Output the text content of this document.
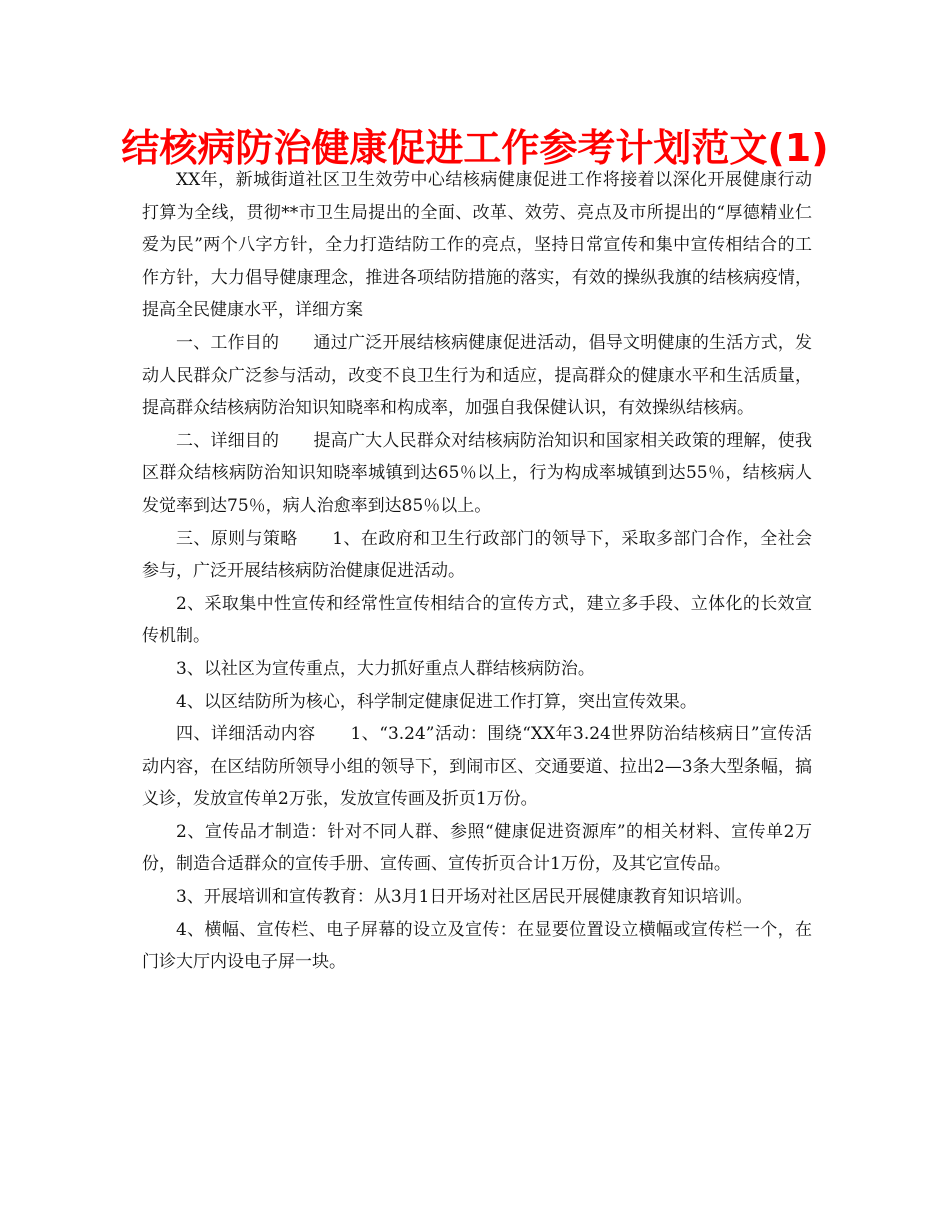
结核病防治健康促进工作参考计划范文(1)

XX年，新城街道社区卫生效劳中心结核病健康促进工作将接着以深化开展健康行动打算为全线，贯彻**市卫生局提出的全面、改革、效劳、亮点及市所提出的“厚德精业仁爱为民”两个八字方针，全力打造结防工作的亮点，坚持日常宣传和集中宣传相结合的工作方针，大力倡导健康理念，推进各项结防措施的落实，有效的操纵我旗的结核病疫情，提高全民健康水平，详细方案

一、工作目的　　通过广泛开展结核病健康促进活动，倡导文明健康的生活方式，发动人民群众广泛参与活动，改变不良卫生行为和适应，提高群众的健康水平和生活质量，提高群众结核病防治知识知晓率和构成率，加强自我保健认识，有效操纵结核病。

二、详细目的　　提高广大人民群众对结核病防治知识和国家相关政策的理解，使我区群众结核病防治知识知晓率城镇到达65％以上，行为构成率城镇到达55％，结核病人发觉率到达75％，病人治愈率到达85％以上。

三、原则与策略　　1、在政府和卫生行政部门的领导下，采取多部门合作，全社会参与，广泛开展结核病防治健康促进活动。

2、采取集中性宣传和经常性宣传相结合的宣传方式，建立多手段、立体化的长效宣传机制。

3、以社区为宣传重点，大力抓好重点人群结核病防治。

4、以区结防所为核心，科学制定健康促进工作打算，突出宣传效果。

四、详细活动内容　　1、“3.24”活动：围绕“XX年3.24世界防治结核病日”宣传活动内容，在区结防所领导小组的领导下，到闹市区、交通要道、拉出2—3条大型条幅，搞义诊，发放宣传单2万张，发放宣传画及折页1万份。

2、宣传品才制造：针对不同人群、参照“健康促进资源库”的相关材料、宣传单2万份，制造合适群众的宣传手册、宣传画、宣传折页合计1万份，及其它宣传品。

3、开展培训和宣传教育：从3月1日开场对社区居民开展健康教育知识培训。

4、横幅、宣传栏、电子屏幕的设立及宣传：在显要位置设立横幅或宣传栏一个，在门诊大厅内设电子屏一块。
